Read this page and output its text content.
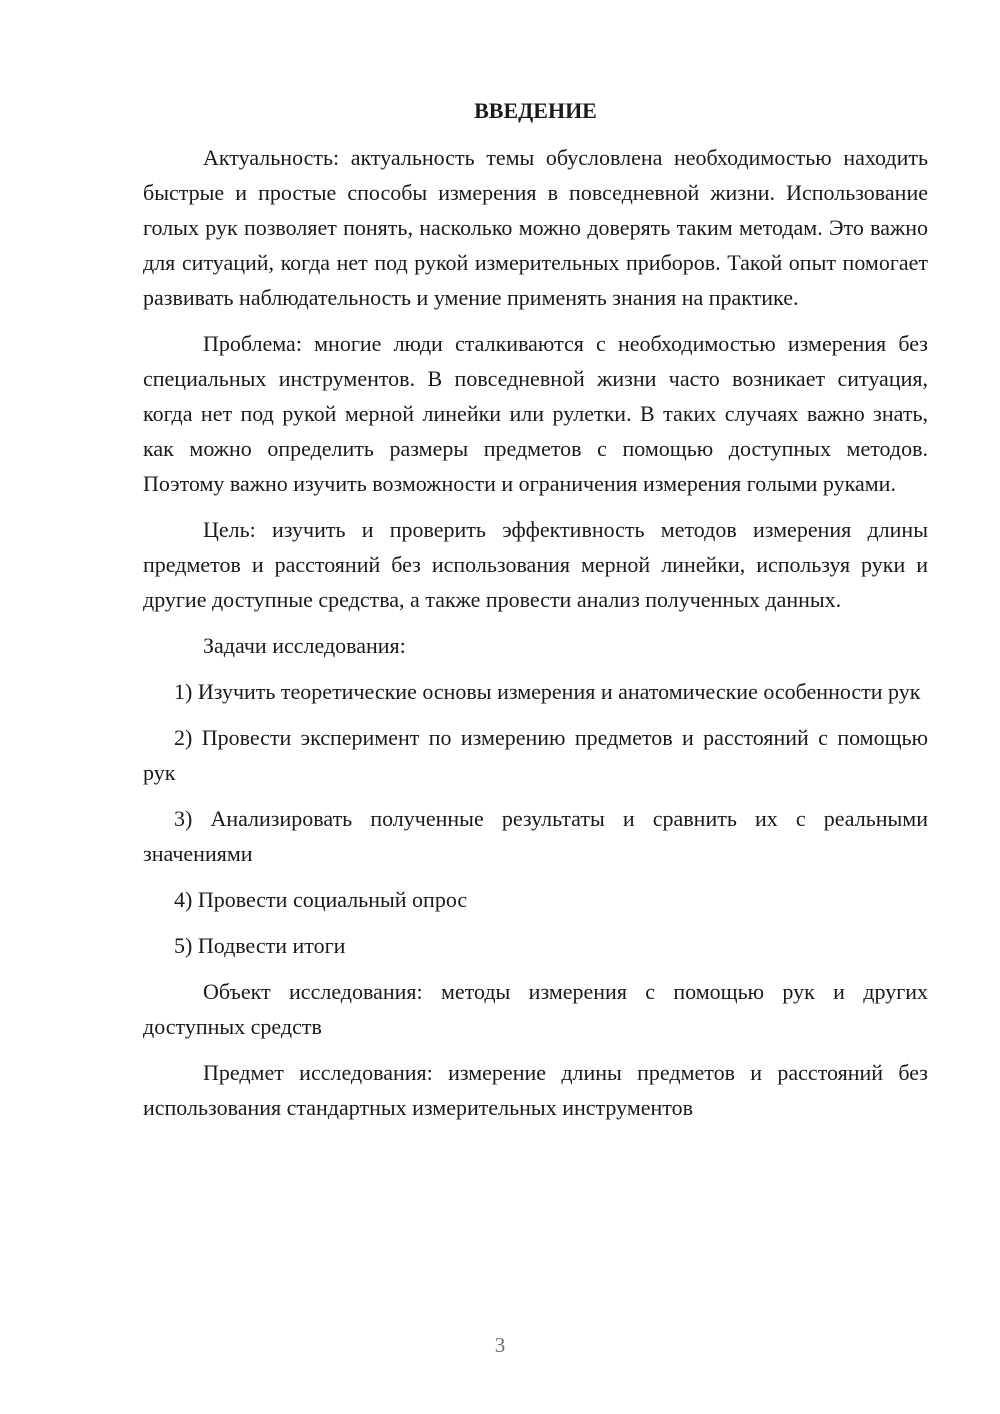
ВВЕДЕНИЕ

Актуальность: актуальность темы обусловлена необходимостью находить быстрые и простые способы измерения в повседневной жизни. Использование голых рук позволяет понять, насколько можно доверять таким методам. Это важно для ситуаций, когда нет под рукой измерительных приборов. Такой опыт помогает развивать наблюдательность и умение применять знания на практике.

Проблема: многие люди сталкиваются с необходимостью измерения без специальных инструментов. В повседневной жизни часто возникает ситуация, когда нет под рукой мерной линейки или рулетки. В таких случаях важно знать, как можно определить размеры предметов с помощью доступных методов. Поэтому важно изучить возможности и ограничения измерения голыми руками.

Цель: изучить и проверить эффективность методов измерения длины предметов и расстояний без использования мерной линейки, используя руки и другие доступные средства, а также провести анализ полученных данных.

Задачи исследования:

1) Изучить теоретические основы измерения и анатомические особенности рук

2) Провести эксперимент по измерению предметов и расстояний с помощью рук

3) Анализировать полученные результаты и сравнить их с реальными значениями

4) Провести социальный опрос

5) Подвести итоги

Объект исследования: методы измерения с помощью рук и других доступных средств

Предмет исследования: измерение длины предметов и расстояний без использования стандартных измерительных инструментов

3
